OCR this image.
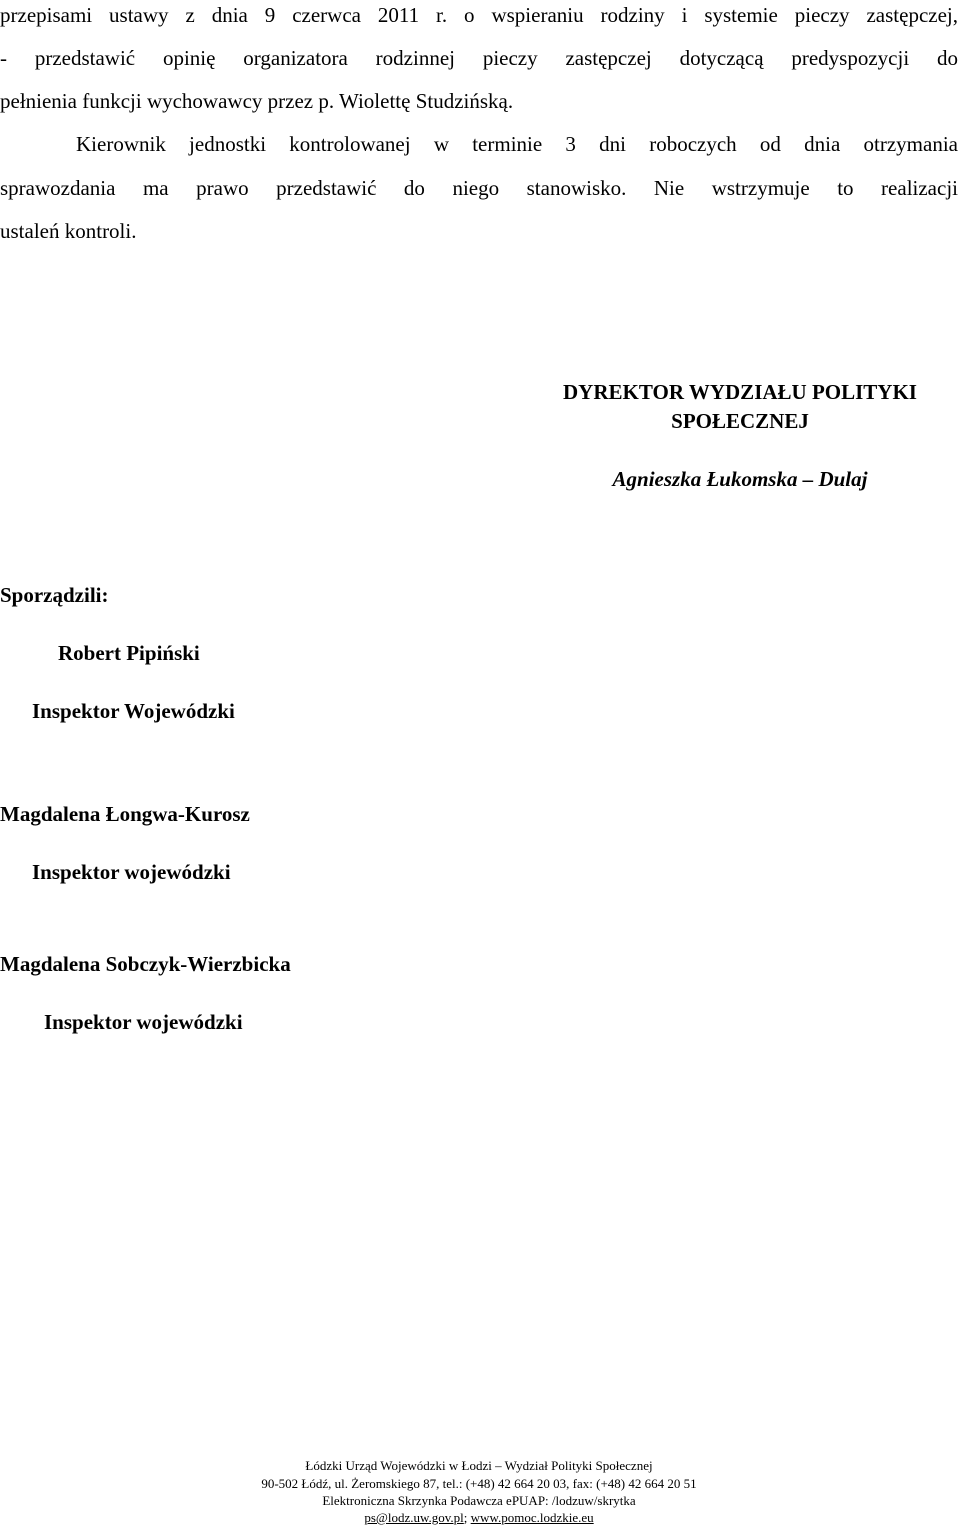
przepisami ustawy z dnia 9 czerwca 2011 r. o wspieraniu rodziny i systemie pieczy zastępczej,
- przedstawić opinię organizatora rodzinnej pieczy zastępczej dotyczącą predyspozycji do
pełnienia funkcji wychowawcy przez p. Wiolettę Studzińską.
Kierownik jednostki kontrolowanej w terminie 3 dni roboczych od dnia otrzymania
sprawozdania ma prawo przedstawić do niego stanowisko. Nie wstrzymuje to realizacji
ustaleń kontroli.
DYREKTOR WYDZIAŁU POLITYKI
SPOŁECZNEJ
Agnieszka Łukomska – Dulaj
Sporządzili:
Robert Pipiński
Inspektor Wojewódzki
Magdalena Łongwa-Kurosz
Inspektor wojewódzki
Magdalena Sobczyk-Wierzbicka
Inspektor wojewódzki
Łódzki Urząd Wojewódzki w Łodzi – Wydział Polityki Społecznej
90-502 Łódź, ul. Żeromskiego 87, tel.: (+48) 42 664 20 03, fax: (+48) 42 664 20 51
Elektroniczna Skrzynka Podawcza ePUAP: /lodzuw/skrytka
ps@lodz.uw.gov.pl; www.pomoc.lodzkie.eu
